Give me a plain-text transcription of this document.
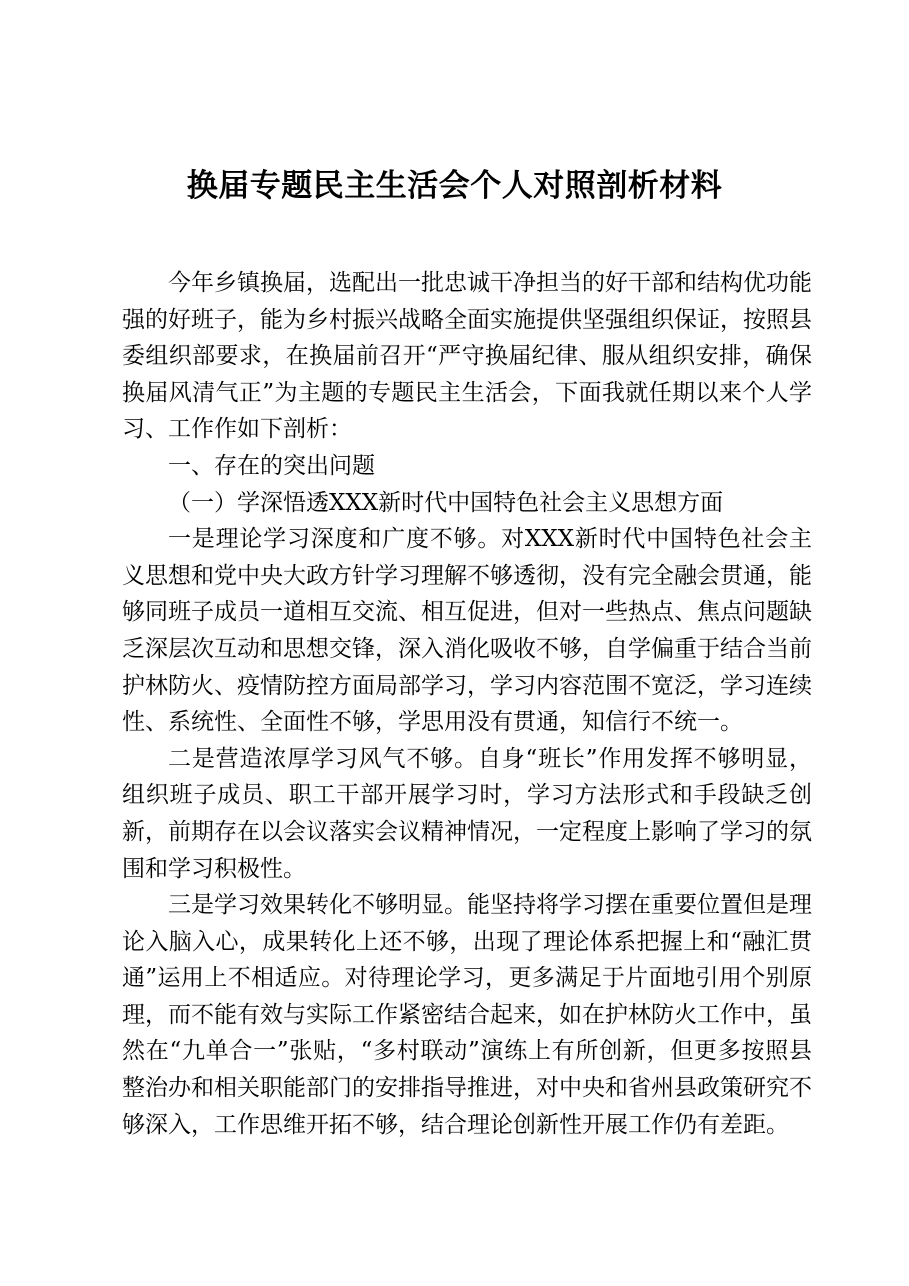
换届专题民主生活会个人对照剖析材料

今年乡镇换届，选配出一批忠诚干净担当的好干部和结构优功能强的好班子，能为乡村振兴战略全面实施提供坚强组织保证，按照县委组织部要求，在换届前召开“严守换届纪律、服从组织安排，确保换届风清气正”为主题的专题民主生活会，下面我就任期以来个人学习、工作作如下剖析：

一、存在的突出问题

（一）学深悟透XXX新时代中国特色社会主义思想方面

一是理论学习深度和广度不够。对XXX新时代中国特色社会主义思想和党中央大政方针学习理解不够透彻，没有完全融会贯通，能够同班子成员一道相互交流、相互促进，但对一些热点、焦点问题缺乏深层次互动和思想交锋，深入消化吸收不够，自学偏重于结合当前护林防火、疫情防控方面局部学习，学习内容范围不宽泛，学习连续性、系统性、全面性不够，学思用没有贯通，知信行不统一。

二是营造浓厚学习风气不够。自身“班长”作用发挥不够明显，组织班子成员、职工干部开展学习时，学习方法形式和手段缺乏创新，前期存在以会议落实会议精神情况，一定程度上影响了学习的氛围和学习积极性。

三是学习效果转化不够明显。能坚持将学习摆在重要位置但是理论入脑入心，成果转化上还不够，出现了理论体系把握上和“融汇贯通”运用上不相适应。对待理论学习，更多满足于片面地引用个别原理，而不能有效与实际工作紧密结合起来，如在护林防火工作中，虽然在“九单合一”张贴，“多村联动”演练上有所创新，但更多按照县整治办和相关职能部门的安排指导推进，对中央和省州县政策研究不够深入，工作思维开拓不够，结合理论创新性开展工作仍有差距。
